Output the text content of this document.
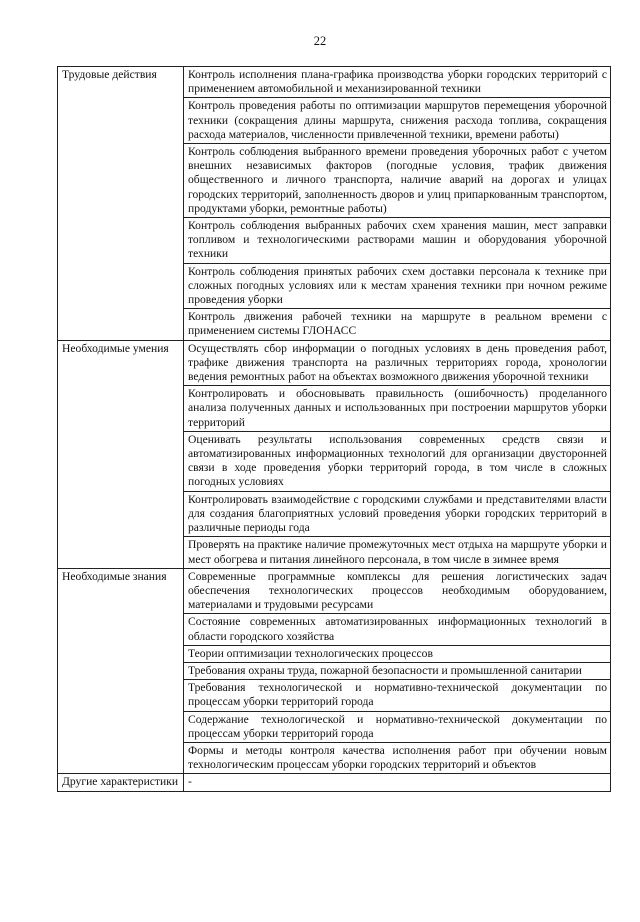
22
Трудовые действия	Контроль исполнения плана-графика производства уборки городских территорий с применением автомобильной и механизированной техники
	Контроль проведения работы по оптимизации маршрутов перемещения уборочной техники (сокращения длины маршрута, снижения расхода топлива, сокращения расхода материалов, численности привлеченной техники, времени работы)
	Контроль соблюдения выбранного времени проведения уборочных работ с учетом внешних независимых факторов (погодные условия, трафик движения общественного и личного транспорта, наличие аварий на дорогах и улицах городских территорий, заполненность дворов и улиц припаркованным транспортом, продуктами уборки, ремонтные работы)
	Контроль соблюдения выбранных рабочих схем хранения машин, мест заправки топливом и технологическими растворами машин и оборудования уборочной техники
	Контроль соблюдения принятых рабочих схем доставки персонала к технике при сложных погодных условиях или к местам хранения техники при ночном режиме проведения уборки
	Контроль движения рабочей техники на маршруте в реальном времени с применением системы ГЛОНАСС
Необходимые умения	Осуществлять сбор информации о погодных условиях в день проведения работ, трафике движения транспорта на различных территориях города, хронологии ведения ремонтных работ на объектах возможного движения уборочной техники
	Контролировать и обосновывать правильность (ошибочность) проделанного анализа полученных данных и использованных при построении маршрутов уборки территорий
	Оценивать результаты использования современных средств связи и автоматизированных информационных технологий для организации двусторонней связи в ходе проведения уборки территорий города, в том числе в сложных погодных условиях
	Контролировать взаимодействие с городскими службами и представителями власти для создания благоприятных условий проведения уборки городских территорий в различные периоды года
	Проверять на практике наличие промежуточных мест отдыха на маршруте уборки и мест обогрева и питания линейного персонала, в том числе в зимнее время
Необходимые знания	Современные программные комплексы для решения логистических задач обеспечения технологических процессов необходимым оборудованием, материалами и трудовыми ресурсами
	Состояние современных автоматизированных информационных технологий в области городского хозяйства
	Теории оптимизации технологических процессов
	Требования охраны труда, пожарной безопасности и промышленной санитарии
	Требования технологической и нормативно-технической документации по процессам уборки территорий города
	Содержание технологической и нормативно-технической документации по процессам уборки территорий города
	Формы и методы контроля качества исполнения работ при обучении новым технологическим процессам уборки городских территорий и объектов
Другие характеристики	-
